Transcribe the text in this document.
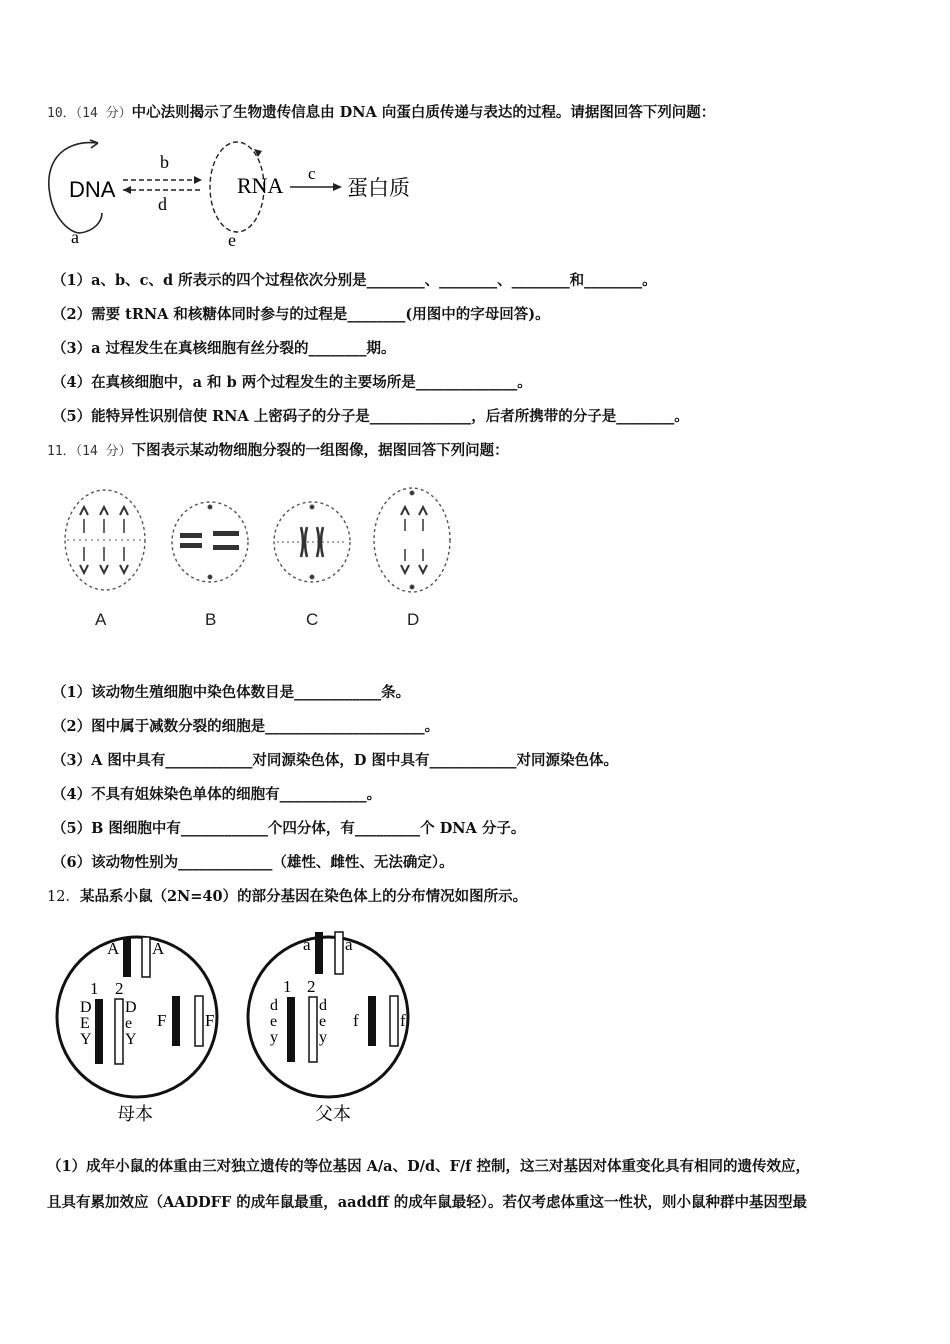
10．（14 分）中心法则揭示了生物遗传信息由 DNA 向蛋白质传递与表达的过程。请据图回答下列问题：
DNA
a
b
d
RNA
e
c
蛋白质
（1）a、b、c、d 所表示的四个过程依次分别是________、________、________和________。
（2）需要 tRNA 和核糖体同时参与的过程是________(用图中的字母回答)。
（3）a 过程发生在真核细胞有丝分裂的________期。
（4）在真核细胞中，a 和 b 两个过程发生的主要场所是______________。
（5）能特异性识别信使 RNA 上密码子的分子是______________，后者所携带的分子是________。
11．（14 分）下图表示某动物细胞分裂的一组图像，据图回答下列问题：
A	B	C	D
（1）该动物生殖细胞中染色体数目是____________条。
（2）图中属于减数分裂的细胞是______________________。
（3）A 图中具有____________对同源染色体，D 图中具有____________对同源染色体。
（4）不具有姐妹染色单体的细胞有____________。
（5）B 图细胞中有____________个四分体，有_________个 DNA 分子。
（6）该动物性别为_____________（雄性、雌性、无法确定）。
12．某品系小鼠（2N=40）的部分基因在染色体上的分布情况如图所示。
A A
1 2
D
E
Y
D
e
Y
F F
母本
a a
1 2
d
e
y
d
e
y
f f
父本
（1）成年小鼠的体重由三对独立遗传的等位基因 A/a、D/d、F/f 控制，这三对基因对体重变化具有相同的遗传效应，
且具有累加效应（AADDFF 的成年鼠最重，aaddff 的成年鼠最轻）。若仅考虑体重这一性状，则小鼠种群中基因型最
